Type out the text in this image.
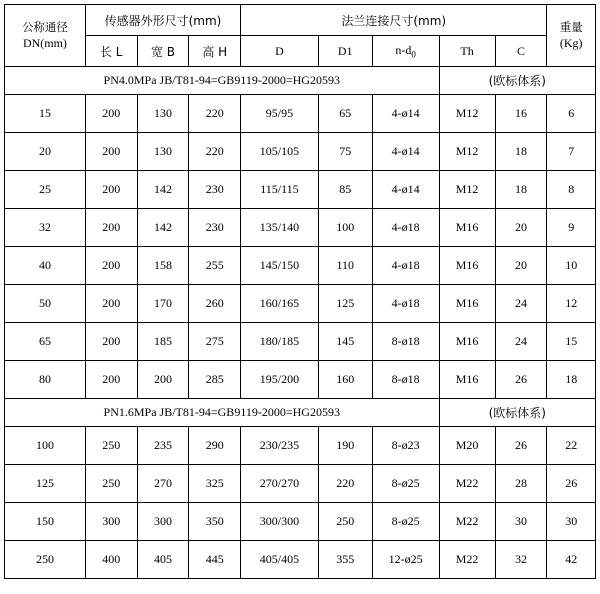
公称通径
DN(mm)	传感器外形尺寸(mm)			法兰连接尺寸(mm)					重量
(Kg)

	长 L	宽 B	高 H	D	D1	$n-d_0$	Th	C	
PN4.0MPa JB/T81-94=GB9119-2000=HG20593							(欧标体系)		
15	200	130	220	95/95	65	4-ø14	M12	16	6
20	200	130	220	105/105	75	4-ø14	M12	18	7
25	200	142	230	115/115	85	4-ø14	M12	18	8
32	200	142	230	135/140	100	4-ø18	M16	20	9
40	200	158	255	145/150	110	4-ø18	M16	20	10
50	200	170	260	160/165	125	4-ø18	M16	24	12
65	200	185	275	180/185	145	8-ø18	M16	24	15
80	200	200	285	195/200	160	8-ø18	M16	26	18
PN1.6MPa JB/T81-94=GB9119-2000=HG20593							(欧标体系)		
100	250	235	290	230/235	190	8-ø23	M20	26	22
125	250	270	325	270/270	220	8-ø25	M22	28	26
150	300	300	350	300/300	250	8-ø25	M22	30	30
250	400	405	445	405/405	355	12-ø25	M22	32	42
